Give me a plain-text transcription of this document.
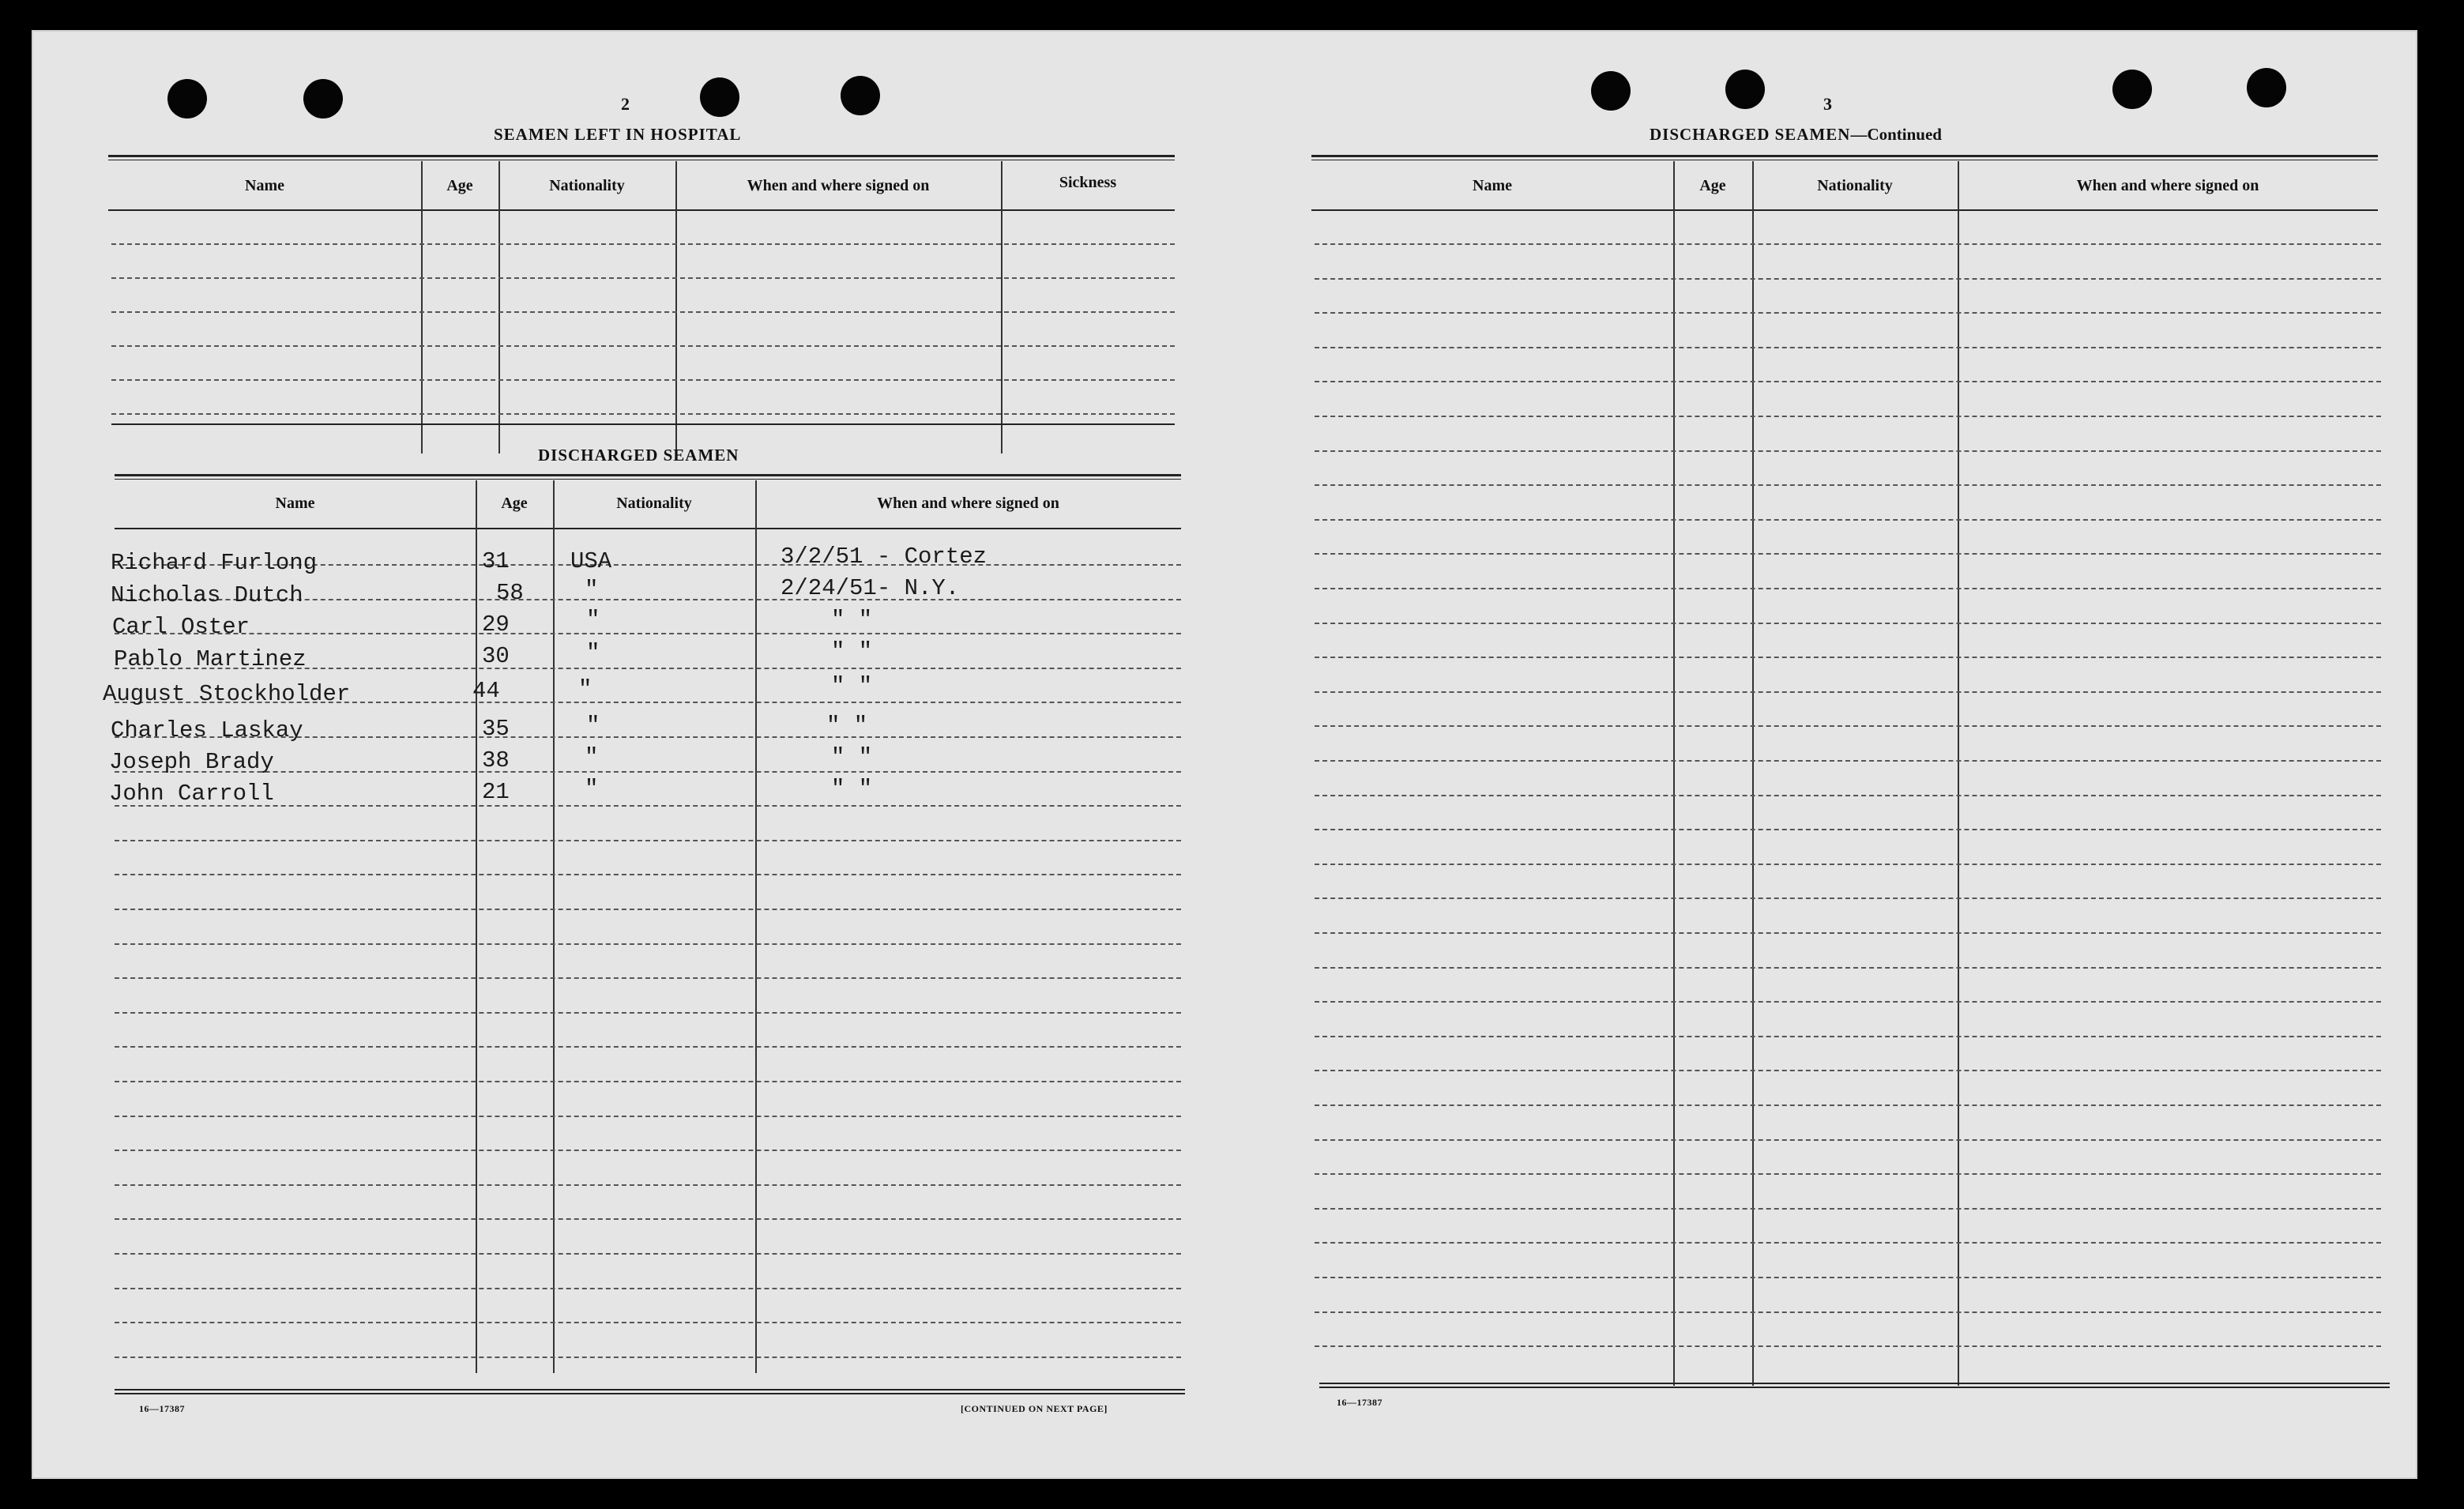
2
SEAMEN LEFT IN HOSPITAL
Name	Age	Nationality	When and where signed on	Sickness
DISCHARGED SEAMEN
Name	Age	Nationality	When and where signed on
Richard Furlong	31	USA	3/2/51 - Cortez
Nicholas Dutch	58	"	2/24/51- N.Y.
Carl Oster	29	"	" "
Pablo Martinez	30	"	" "
August Stockholder	44	"	" "
Charles Laskay	35	"	" "
Joseph Brady	38	"	" "
John Carroll	21	"	" "
16—17387	[CONTINUED ON NEXT PAGE]
3
DISCHARGED SEAMEN—Continued
Name	Age	Nationality	When and where signed on
16—17387
